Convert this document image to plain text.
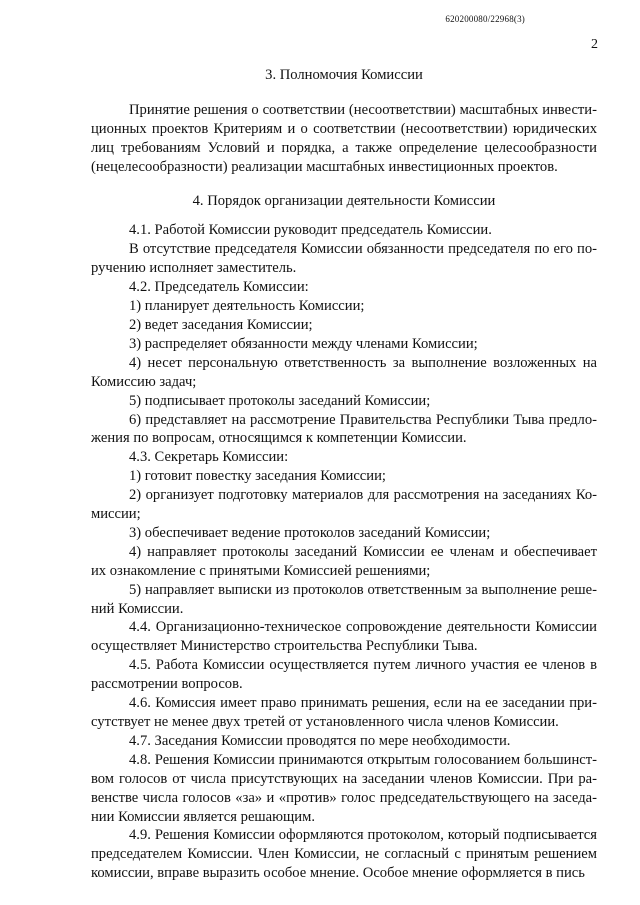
620200080/22968(3)
2
3. Полномочия Комиссии

Принятие решения о соответствии (несоответствии) масштабных инвестиционных проектов Критериям и о соответствии (несоответствии) юридических лиц требованиям Условий и порядка, а также определение целесообразности (нецелесообразности) реализации масштабных инвестиционных проектов.

4. Порядок организации деятельности Комиссии

4.1. Работой Комиссии руководит председатель Комиссии.

В отсутствие председателя Комиссии обязанности председателя по его поручению исполняет заместитель.

4.2. Председатель Комиссии:

1) планирует деятельность Комиссии;

2) ведет заседания Комиссии;

3) распределяет обязанности между членами Комиссии;

4) несет персональную ответственность за выполнение возложенных на Комиссию задач;

5) подписывает протоколы заседаний Комиссии;

6) представляет на рассмотрение Правительства Республики Тыва предложения по вопросам, относящимся к компетенции Комиссии.

4.3. Секретарь Комиссии:

1) готовит повестку заседания Комиссии;

2) организует подготовку материалов для рассмотрения на заседаниях Комиссии;

3) обеспечивает ведение протоколов заседаний Комиссии;

4) направляет протоколы заседаний Комиссии ее членам и обеспечивает их ознакомление с принятыми Комиссией решениями;

5) направляет выписки из протоколов ответственным за выполнение решений Комиссии.

4.4. Организационно-техническое сопровождение деятельности Комиссии осуществляет Министерство строительства Республики Тыва.

4.5. Работа Комиссии осуществляется путем личного участия ее членов в рассмотрении вопросов.

4.6. Комиссия имеет право принимать решения, если на ее заседании присутствует не менее двух третей от установленного числа членов Комиссии.

4.7. Заседания Комиссии проводятся по мере необходимости.

4.8. Решения Комиссии принимаются открытым голосованием большинством голосов от числа присутствующих на заседании членов Комиссии. При равенстве числа голосов «за» и «против» голос председательствующего на заседании Комиссии является решающим.

4.9. Решения Комиссии оформляются протоколом, который подписывается председателем Комиссии. Член Комиссии, не согласный с принятым решением комиссии, вправе выразить особое мнение. Особое мнение оформляется в пись
